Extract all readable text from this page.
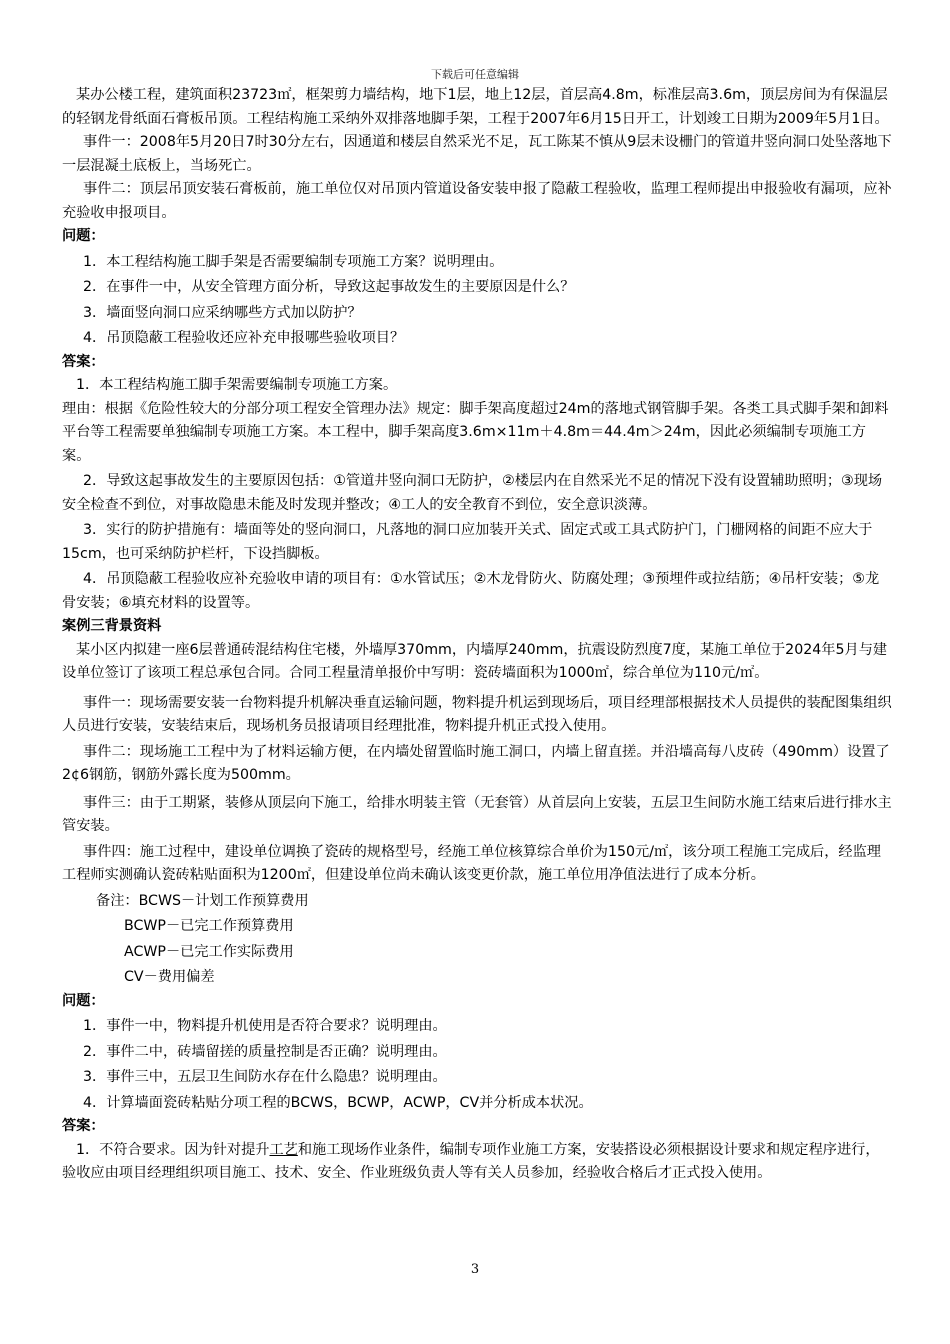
下载后可任意编辑

某办公楼工程，建筑面积23723㎡，框架剪力墙结构，地下1层，地上12层，首层高4.8m，标准层高3.6m，顶层房间为有保温层的轻钢龙骨纸面石膏板吊顶。工程结构施工采纳外双排落地脚手架，工程于2007年6月15日开工，计划竣工日期为2009年5月1日。

事件一：2008年5月20日7时30分左右，因通道和楼层自然采光不足，瓦工陈某不慎从9层未设栅门的管道井竖向洞口处坠落地下一层混凝土底板上，当场死亡。

事件二：顶层吊顶安装石膏板前，施工单位仅对吊顶内管道设备安装申报了隐蔽工程验收，监理工程师提出申报验收有漏项，应补充验收申报项目。

问题：

1．本工程结构施工脚手架是否需要编制专项施工方案？说明理由。

2．在事件一中，从安全管理方面分析，导致这起事故发生的主要原因是什么？

3．墙面竖向洞口应采纳哪些方式加以防护？

4．吊顶隐蔽工程验收还应补充申报哪些验收项目？

答案：

1．本工程结构施工脚手架需要编制专项施工方案。

理由：根据《危险性较大的分部分项工程安全管理办法》规定：脚手架高度超过24m的落地式钢管脚手架。各类工具式脚手架和卸料平台等工程需要单独编制专项施工方案。本工程中，脚手架高度3.6m×11m＋4.8m＝44.4m＞24m，因此必须编制专项施工方案。

2．导致这起事故发生的主要原因包括：①管道井竖向洞口无防护，②楼层内在自然采光不足的情况下没有设置辅助照明；③现场安全检查不到位，对事故隐患未能及时发现并整改；④工人的安全教育不到位，安全意识淡薄。

3．实行的防护措施有：墙面等处的竖向洞口，凡落地的洞口应加装开关式、固定式或工具式防护门，门栅网格的间距不应大于15cm，也可采纳防护栏杆，下设挡脚板。

4．吊顶隐蔽工程验收应补充验收申请的项目有：①水管试压；②木龙骨防火、防腐处理；③预埋件或拉结筋；④吊杆安装；⑤龙骨安装；⑥填充材料的设置等。

案例三背景资料

某小区内拟建一座6层普通砖混结构住宅楼，外墙厚370mm，内墙厚240mm，抗震设防烈度7度，某施工单位于2024年5月与建设单位签订了该项工程总承包合同。合同工程量清单报价中写明：瓷砖墙面积为1000㎡，综合单位为110元/㎡。

事件一：现场需要安装一台物料提升机解决垂直运输问题，物料提升机运到现场后，项目经理部根据技术人员提供的装配图集组织人员进行安装，安装结束后，现场机务员报请项目经理批准，物料提升机正式投入使用。

事件二：现场施工工程中为了材料运输方便，在内墙处留置临时施工洞口，内墙上留直搓。并沿墙高每八皮砖（490mm）设置了2¢6钢筋，钢筋外露长度为500mm。

事件三：由于工期紧，装修从顶层向下施工，给排水明装主管（无套管）从首层向上安装，五层卫生间防水施工结束后进行排水主管安装。

事件四：施工过程中，建设单位调换了瓷砖的规格型号，经施工单位核算综合单价为150元/㎡，该分项工程施工完成后，经监理工程师实测确认瓷砖粘贴面积为1200㎡，但建设单位尚未确认该变更价款，施工单位用净值法进行了成本分析。

备注：BCWS－计划工作预算费用

BCWP－已完工作预算费用

ACWP－已完工作实际费用

CV－费用偏差

问题：

1．事件一中，物料提升机使用是否符合要求？说明理由。

2．事件二中，砖墙留搓的质量控制是否正确？说明理由。

3．事件三中，五层卫生间防水存在什么隐患？说明理由。

4．计算墙面瓷砖粘贴分项工程的BCWS，BCWP，ACWP，CV并分析成本状况。

答案：

1．不符合要求。因为针对提升工艺和施工现场作业条件，编制专项作业施工方案，安装搭设必须根据设计要求和规定程序进行，验收应由项目经理组织项目施工、技术、安全、作业班级负责人等有关人员参加，经验收合格后才正式投入使用。

3
